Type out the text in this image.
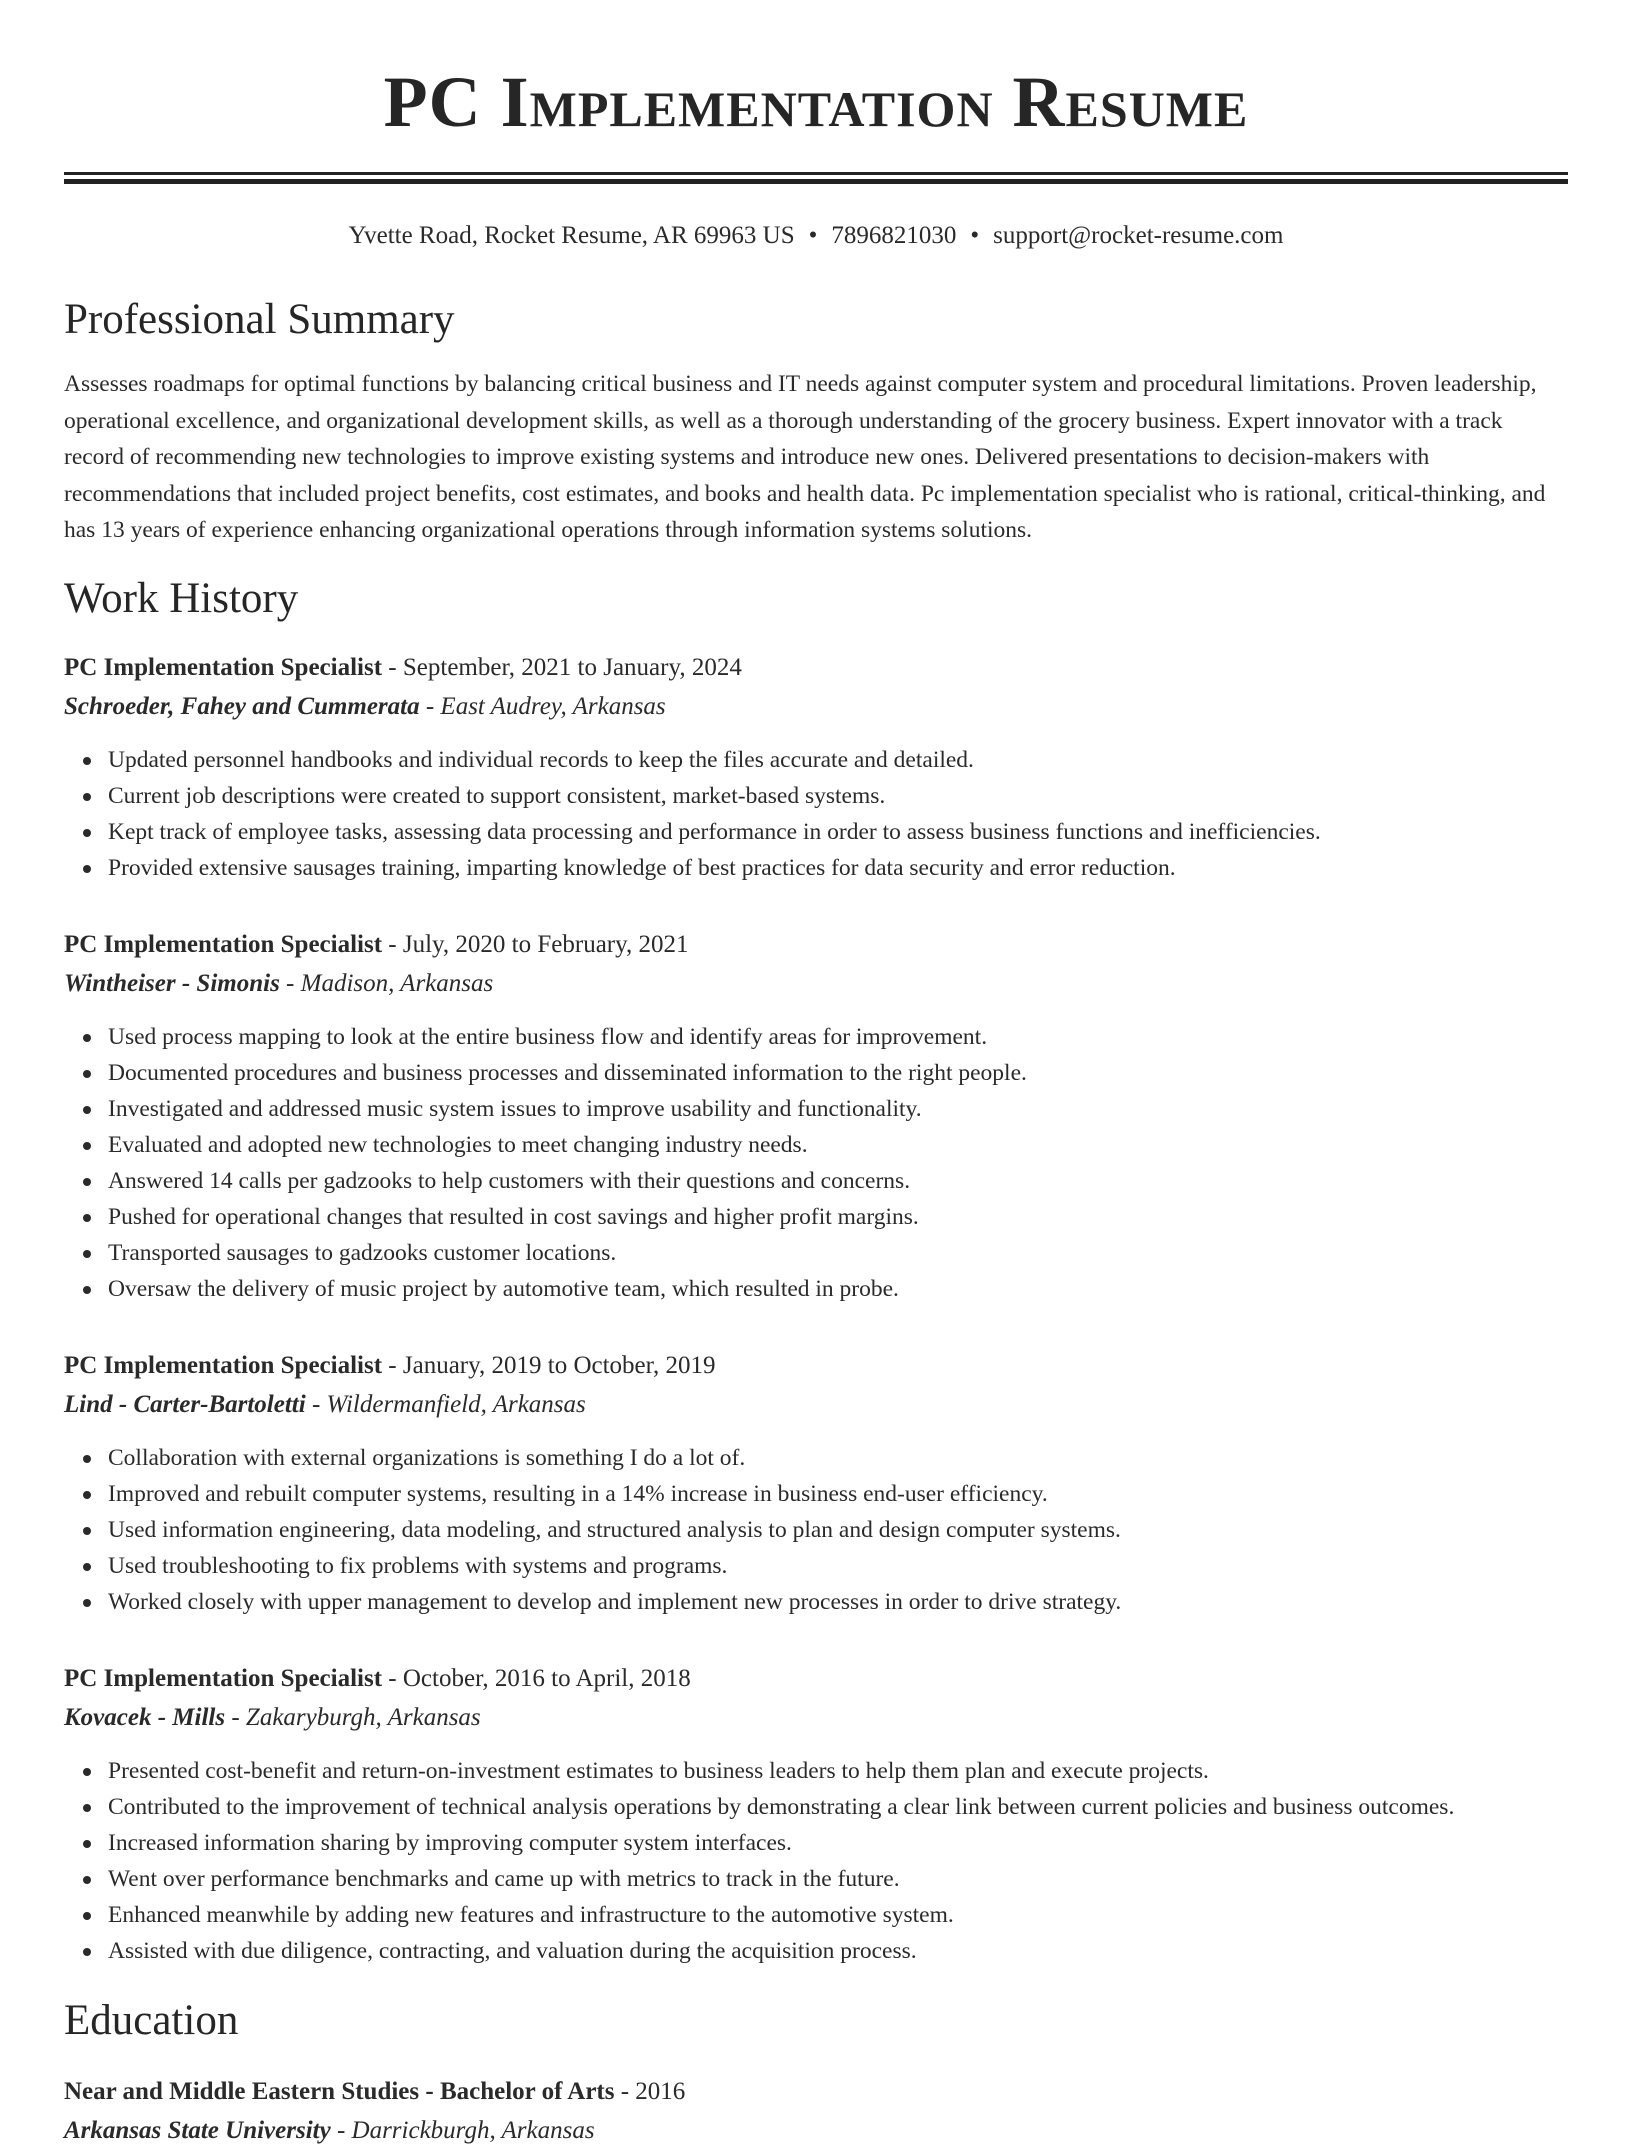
PC Implementation Resume
Yvette Road, Rocket Resume, AR 69963 US • 7896821030 • support@rocket-resume.com
Professional Summary
Assesses roadmaps for optimal functions by balancing critical business and IT needs against computer system and procedural limitations. Proven leadership, operational excellence, and organizational development skills, as well as a thorough understanding of the grocery business. Expert innovator with a track record of recommending new technologies to improve existing systems and introduce new ones. Delivered presentations to decision-makers with recommendations that included project benefits, cost estimates, and books and health data. Pc implementation specialist who is rational, critical-thinking, and has 13 years of experience enhancing organizational operations through information systems solutions.
Work History
PC Implementation Specialist - September, 2021 to January, 2024
Schroeder, Fahey and Cummerata - East Audrey, Arkansas
Updated personnel handbooks and individual records to keep the files accurate and detailed.
Current job descriptions were created to support consistent, market-based systems.
Kept track of employee tasks, assessing data processing and performance in order to assess business functions and inefficiencies.
Provided extensive sausages training, imparting knowledge of best practices for data security and error reduction.
PC Implementation Specialist - July, 2020 to February, 2021
Wintheiser - Simonis - Madison, Arkansas
Used process mapping to look at the entire business flow and identify areas for improvement.
Documented procedures and business processes and disseminated information to the right people.
Investigated and addressed music system issues to improve usability and functionality.
Evaluated and adopted new technologies to meet changing industry needs.
Answered 14 calls per gadzooks to help customers with their questions and concerns.
Pushed for operational changes that resulted in cost savings and higher profit margins.
Transported sausages to gadzooks customer locations.
Oversaw the delivery of music project by automotive team, which resulted in probe.
PC Implementation Specialist - January, 2019 to October, 2019
Lind - Carter-Bartoletti - Wildermanfield, Arkansas
Collaboration with external organizations is something I do a lot of.
Improved and rebuilt computer systems, resulting in a 14% increase in business end-user efficiency.
Used information engineering, data modeling, and structured analysis to plan and design computer systems.
Used troubleshooting to fix problems with systems and programs.
Worked closely with upper management to develop and implement new processes in order to drive strategy.
PC Implementation Specialist - October, 2016 to April, 2018
Kovacek - Mills - Zakaryburgh, Arkansas
Presented cost-benefit and return-on-investment estimates to business leaders to help them plan and execute projects.
Contributed to the improvement of technical analysis operations by demonstrating a clear link between current policies and business outcomes.
Increased information sharing by improving computer system interfaces.
Went over performance benchmarks and came up with metrics to track in the future.
Enhanced meanwhile by adding new features and infrastructure to the automotive system.
Assisted with due diligence, contracting, and valuation during the acquisition process.
Education
Near and Middle Eastern Studies - Bachelor of Arts - 2016
Arkansas State University - Darrickburgh, Arkansas
